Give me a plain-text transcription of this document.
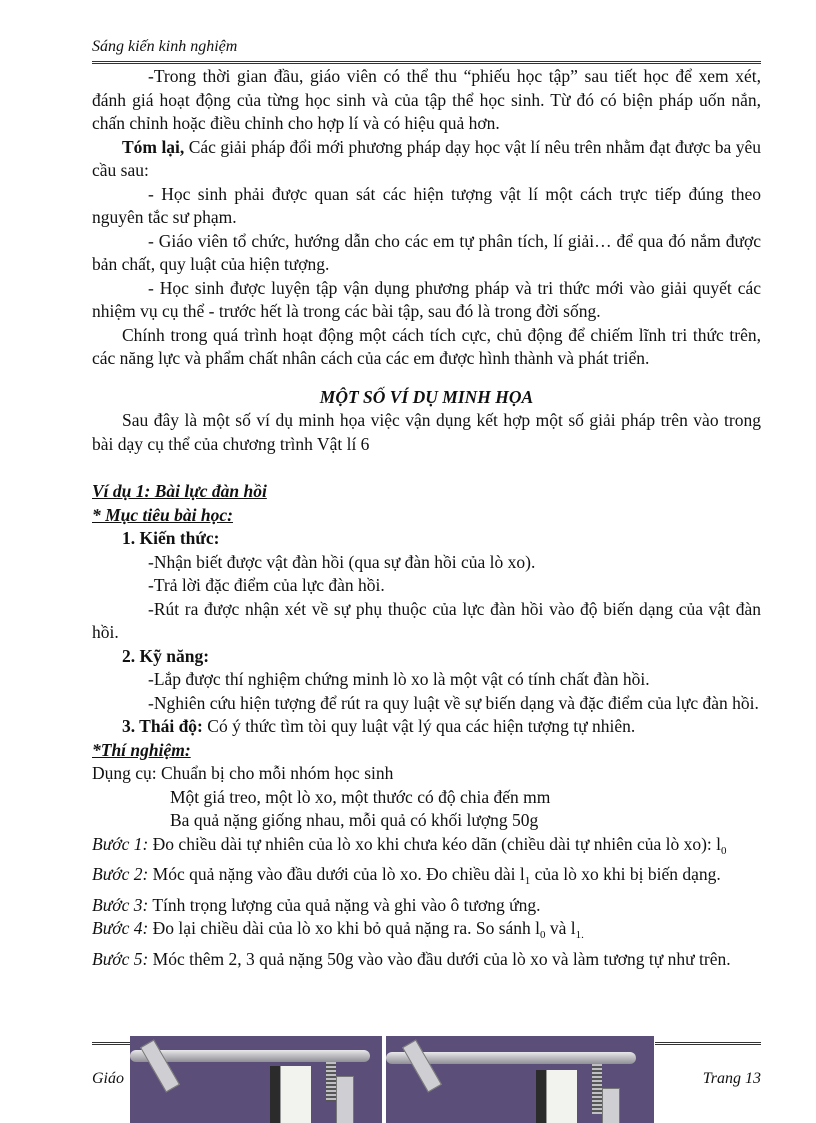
Sáng kiến kinh nghiệm

-Trong thời gian đầu, giáo viên có thể thu “phiếu học tập” sau tiết học để xem xét, đánh giá hoạt động của từng học sinh và của tập thể học sinh. Từ đó có biện pháp uốn nắn, chấn chỉnh hoặc điều chỉnh cho hợp lí và có hiệu quả hơn.

Tóm lại, Các giải pháp đổi mới phương pháp dạy học vật lí nêu trên nhằm đạt được ba yêu cầu sau:

- Học sinh phải được quan sát các hiện tượng vật lí một cách trực tiếp đúng theo nguyên tắc sư phạm.

- Giáo viên tổ chức, hướng dẫn cho các em tự phân tích, lí giải… để qua đó nắm được bản chất, quy luật của hiện tượng.

- Học sinh được luyện tập vận dụng phương pháp và tri thức mới vào giải quyết các nhiệm vụ cụ thể - trước hết là trong các bài tập, sau đó là trong đời sống.

Chính trong quá trình hoạt động một cách tích cực, chủ động để chiếm lĩnh tri thức trên, các năng lực và phẩm chất nhân cách của các em được hình thành và phát triển.

MỘT SỐ VÍ DỤ MINH HỌA

Sau đây là một số ví dụ minh họa việc vận dụng kết hợp một số giải pháp trên vào trong bài dạy cụ thể của chương trình Vật lí 6

Ví dụ 1: Bài lực đàn hồi

* Mục tiêu bài học:

1. Kiến thức:

-Nhận biết được vật đàn hồi (qua sự đàn hồi của lò xo).

-Trả lời đặc điểm của lực đàn hồi.

-Rút ra được nhận xét về sự phụ thuộc của lực đàn hồi vào độ biến dạng của vật đàn hồi.

2. Kỹ năng:

-Lắp được thí nghiệm chứng minh lò xo là một vật có tính chất đàn hồi.

-Nghiên cứu hiện tượng để rút ra quy luật về sự biến dạng và đặc điểm của lực đàn hồi.

3. Thái độ: Có ý thức tìm tòi quy luật vật lý qua các hiện tượng tự nhiên.

*Thí nghiệm:

Dụng cụ: Chuẩn bị cho mỗi nhóm học sinh

Một giá treo, một lò xo, một thước có độ chia đến mm

Ba quả nặng giống nhau, mỗi quả có khối lượng 50g

Bước 1: Đo chiều dài tự nhiên của lò xo khi chưa kéo dãn (chiều dài tự nhiên của lò xo): $l_0$

Bước 2: Móc quả nặng vào đầu dưới của lò xo. Đo chiều dài $l_1$ của lò xo khi bị biến dạng.

Bước 3: Tính trọng lượng của quả nặng và ghi vào ô tương ứng.

Bước 4: Đo lại chiều dài của lò xo khi bỏ quả nặng ra. So sánh $l_0$ và $l_{1.}$

Bước 5: Móc thêm 2, 3 quả nặng 50g vào vào đầu dưới của lò xo và làm tương tự như trên.

Giáo	Trang 13
